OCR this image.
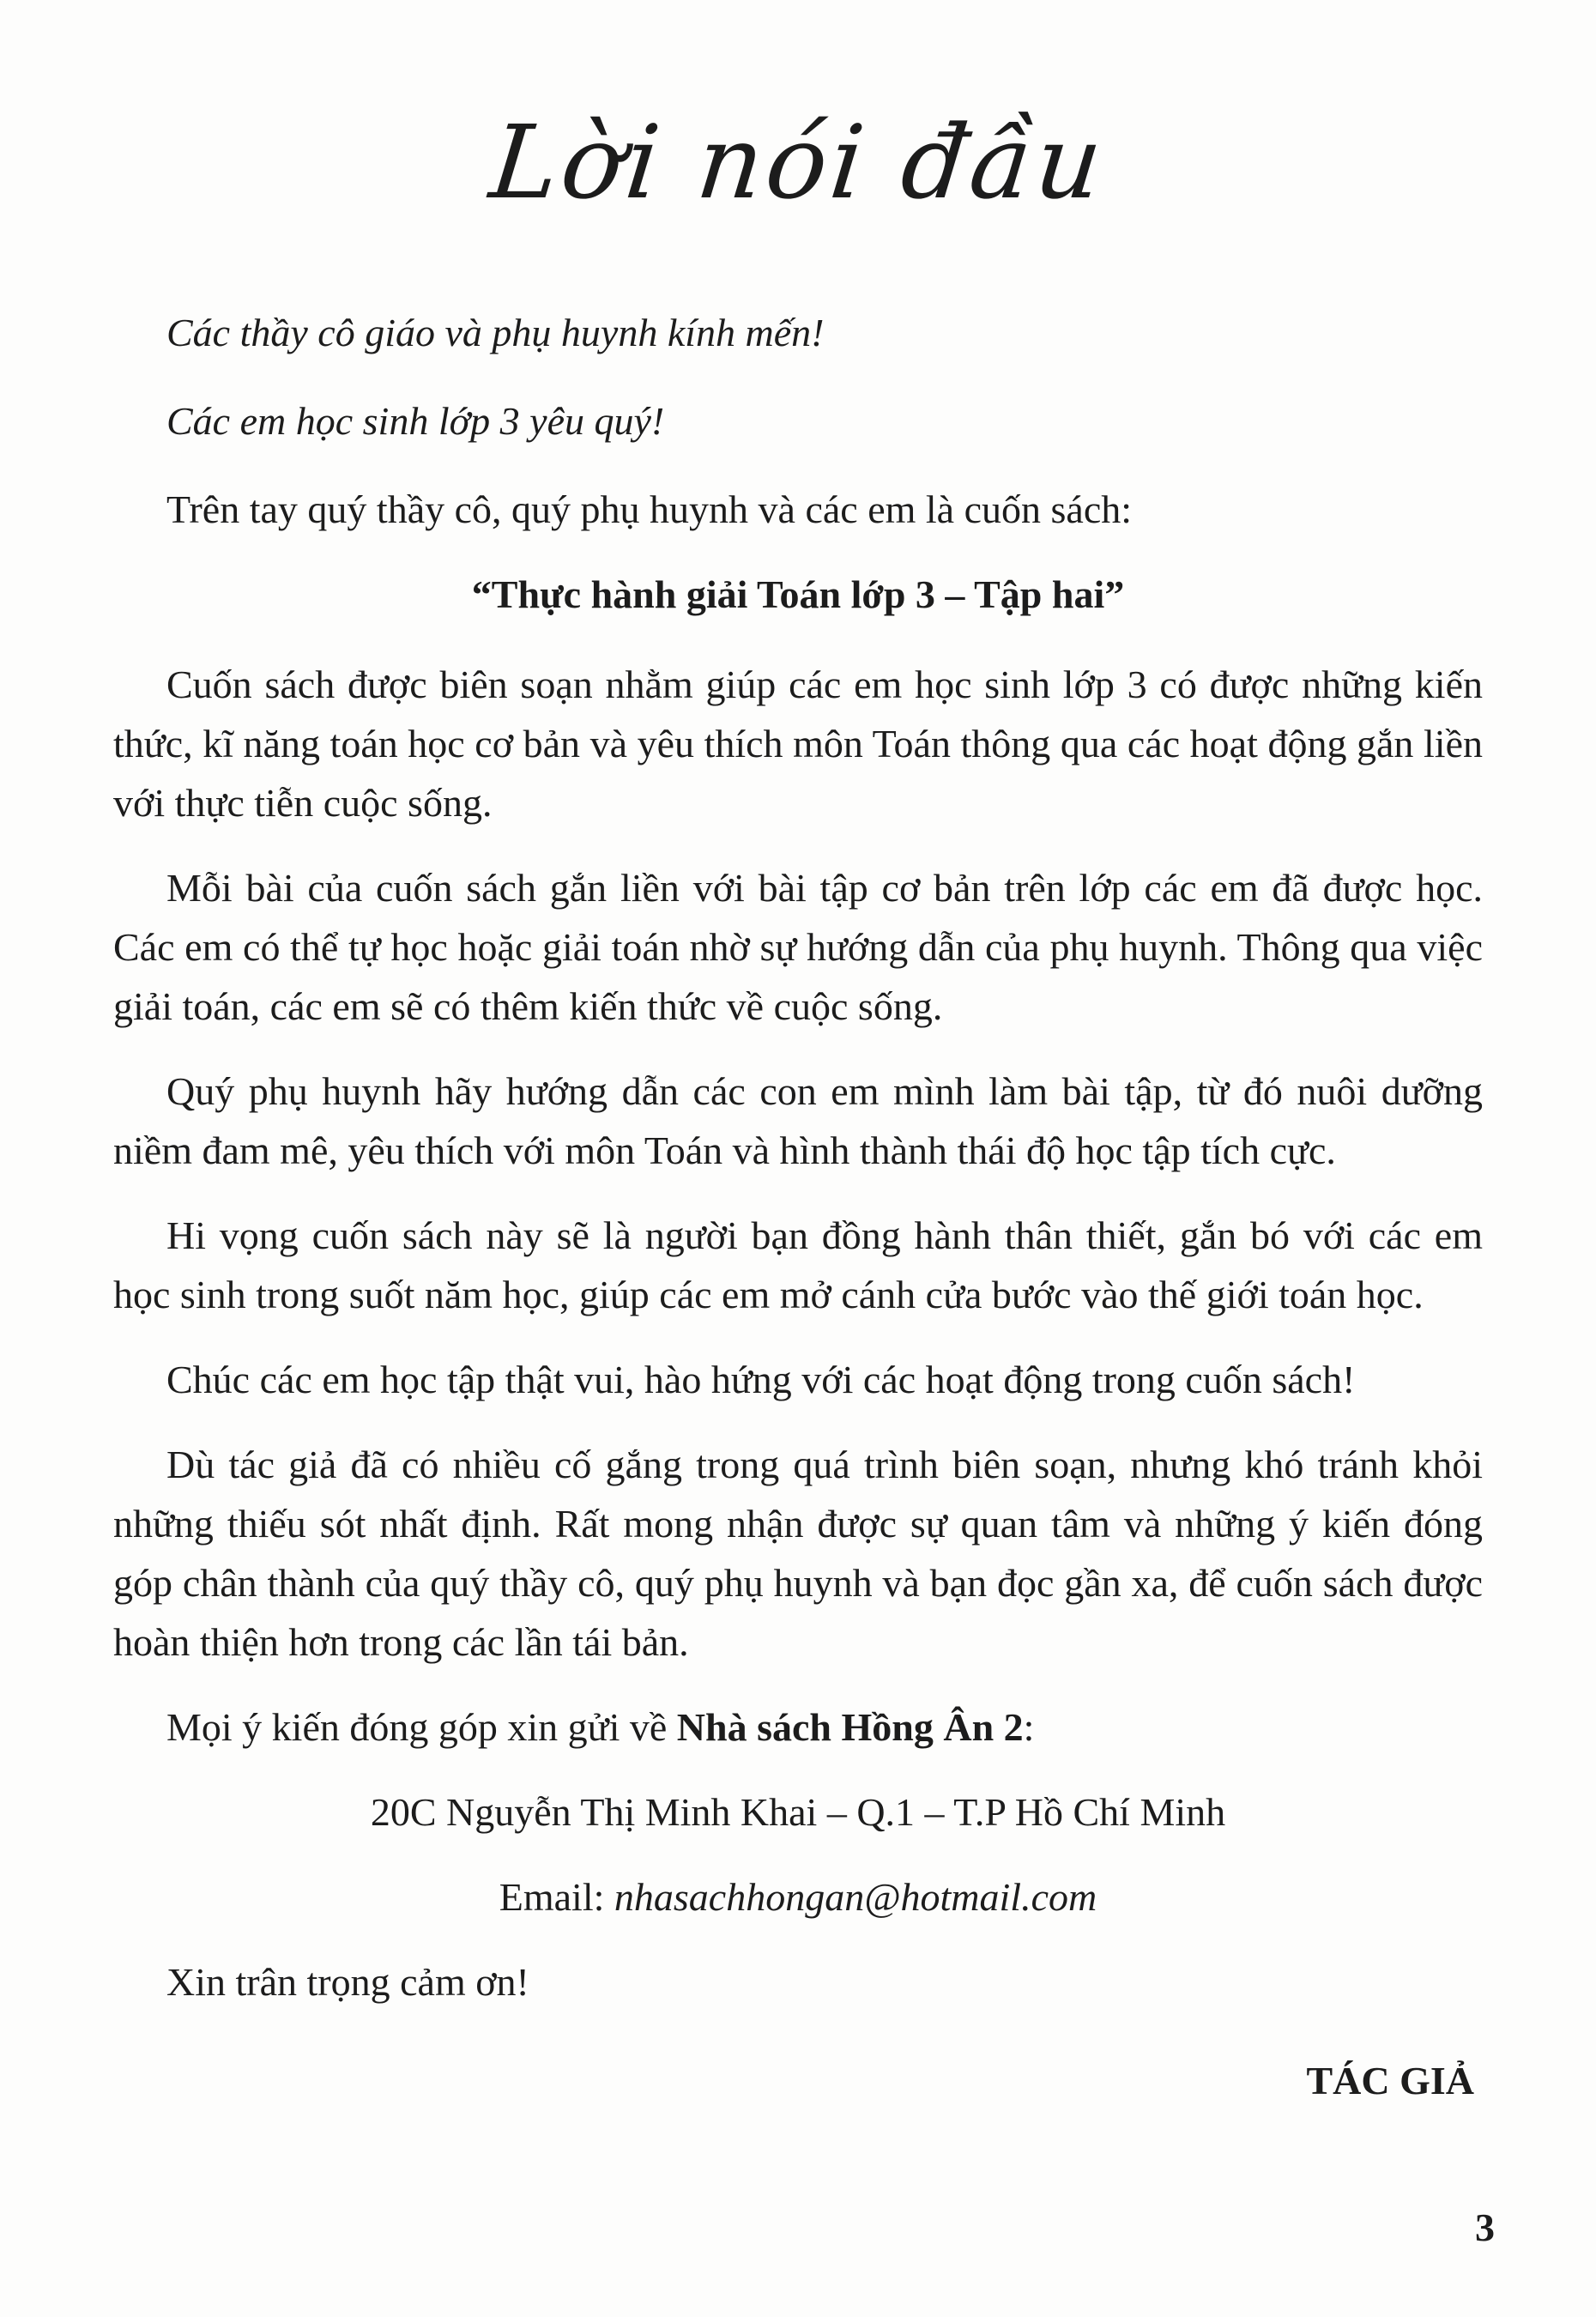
Lời nói đầu

Các thầy cô giáo và phụ huynh kính mến!

Các em học sinh lớp 3 yêu quý!

Trên tay quý thầy cô, quý phụ huynh và các em là cuốn sách:

“Thực hành giải Toán lớp 3 – Tập hai”

Cuốn sách được biên soạn nhằm giúp các em học sinh lớp 3 có được những kiến thức, kĩ năng toán học cơ bản và yêu thích môn Toán thông qua các hoạt động gắn liền với thực tiễn cuộc sống.

Mỗi bài của cuốn sách gắn liền với bài tập cơ bản trên lớp các em đã được học. Các em có thể tự học hoặc giải toán nhờ sự hướng dẫn của phụ huynh. Thông qua việc giải toán, các em sẽ có thêm kiến thức về cuộc sống.

Quý phụ huynh hãy hướng dẫn các con em mình làm bài tập, từ đó nuôi dưỡng niềm đam mê, yêu thích với môn Toán và hình thành thái độ học tập tích cực.

Hi vọng cuốn sách này sẽ là người bạn đồng hành thân thiết, gắn bó với các em học sinh trong suốt năm học, giúp các em mở cánh cửa bước vào thế giới toán học.

Chúc các em học tập thật vui, hào hứng với các hoạt động trong cuốn sách!

Dù tác giả đã có nhiều cố gắng trong quá trình biên soạn, nhưng khó tránh khỏi những thiếu sót nhất định. Rất mong nhận được sự quan tâm và những ý kiến đóng góp chân thành của quý thầy cô, quý phụ huynh và bạn đọc gần xa, để cuốn sách được hoàn thiện hơn trong các lần tái bản.

Mọi ý kiến đóng góp xin gửi về Nhà sách Hồng Ân 2:

20C Nguyễn Thị Minh Khai – Q.1 – T.P Hồ Chí Minh

Email: nhasachhongan@hotmail.com

Xin trân trọng cảm ơn!

TÁC GIẢ

3
